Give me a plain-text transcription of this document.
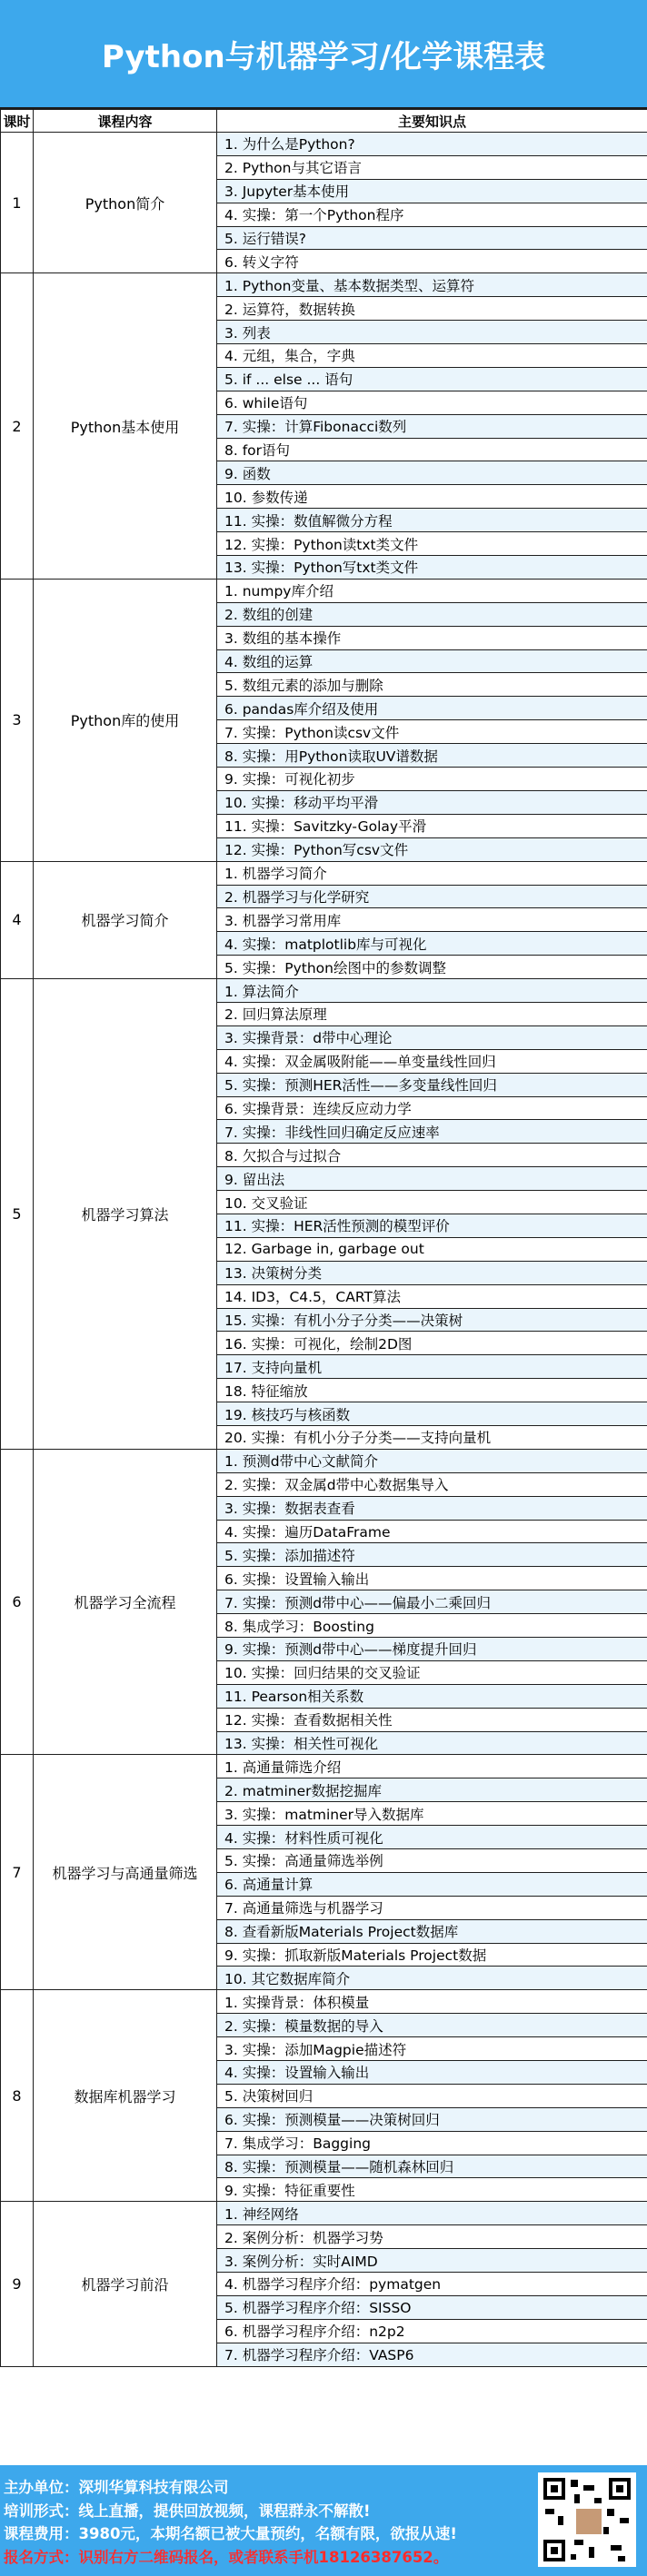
Python与机器学习/化学课程表
课时	课程内容	主要知识点
1	Python简介	1. 为什么是Python?
		2. Python与其它语言
		3. Jupyter基本使用
		4. 实操：第一个Python程序
		5. 运行错误?
		6. 转义字符
2	Python基本使用	1. Python变量、基本数据类型、运算符
		2. 运算符，数据转换
		3. 列表
		4. 元组，集合，字典
		5. if ... else ... 语句
		6. while语句
		7. 实操：计算Fibonacci数列
		8. for语句
		9. 函数
		10. 参数传递
		11. 实操：数值解微分方程
		12. 实操：Python读txt类文件
		13. 实操：Python写txt类文件
3	Python库的使用	1. numpy库介绍
		2. 数组的创建
		3. 数组的基本操作
		4. 数组的运算
		5. 数组元素的添加与删除
		6. pandas库介绍及使用
		7. 实操：Python读csv文件
		8. 实操：用Python读取UV谱数据
		9. 实操：可视化初步
		10. 实操：移动平均平滑
		11. 实操：Savitzky-Golay平滑
		12. 实操：Python写csv文件
4	机器学习简介	1. 机器学习简介
		2. 机器学习与化学研究
		3. 机器学习常用库
		4. 实操：matplotlib库与可视化
		5. 实操：Python绘图中的参数调整
5	机器学习算法	1. 算法简介
		2. 回归算法原理
		3. 实操背景：d带中心理论
		4. 实操：双金属吸附能——单变量线性回归
		5. 实操：预测HER活性——多变量线性回归
		6. 实操背景：连续反应动力学
		7. 实操：非线性回归确定反应速率
		8. 欠拟合与过拟合
		9. 留出法
		10. 交叉验证
		11. 实操：HER活性预测的模型评价
		12. Garbage in, garbage out
		13. 决策树分类
		14. ID3，C4.5，CART算法
		15. 实操：有机小分子分类——决策树
		16. 实操：可视化，绘制2D图
		17. 支持向量机
		18. 特征缩放
		19. 核技巧与核函数
		20. 实操：有机小分子分类——支持向量机
6	机器学习全流程	1. 预测d带中心文献简介
		2. 实操：双金属d带中心数据集导入
		3. 实操：数据表查看
		4. 实操：遍历DataFrame
		5. 实操：添加描述符
		6. 实操：设置输入输出
		7. 实操：预测d带中心——偏最小二乘回归
		8. 集成学习：Boosting
		9. 实操：预测d带中心——梯度提升回归
		10. 实操：回归结果的交叉验证
		11. Pearson相关系数
		12. 实操：查看数据相关性
		13. 实操：相关性可视化
7	机器学习与高通量筛选	1. 高通量筛选介绍
		2. matminer数据挖掘库
		3. 实操：matminer导入数据库
		4. 实操：材料性质可视化
		5. 实操：高通量筛选举例
		6. 高通量计算
		7. 高通量筛选与机器学习
		8. 查看新版Materials Project数据库
		9. 实操：抓取新版Materials Project数据
		10. 其它数据库简介
8	数据库机器学习	1. 实操背景：体积模量
		2. 实操：模量数据的导入
		3. 实操：添加Magpie描述符
		4. 实操：设置输入输出
		5. 决策树回归
		6. 实操：预测模量——决策树回归
		7. 集成学习：Bagging
		8. 实操：预测模量——随机森林回归
		9. 实操：特征重要性
9	机器学习前沿	1. 神经网络
		2. 案例分析：机器学习势
		3. 案例分析：实时AIMD
		4. 机器学习程序介绍：pymatgen
		5. 机器学习程序介绍：SISSO
		6. 机器学习程序介绍：n2p2
		7. 机器学习程序介绍：VASP6
主办单位：深圳华算科技有限公司
培训形式：线上直播，提供回放视频，课程群永不解散!
课程费用：3980元，本期名额已被大量预约，名额有限，欲报从速!
报名方式：识别右方二维码报名，或者联系手机18126387652。
